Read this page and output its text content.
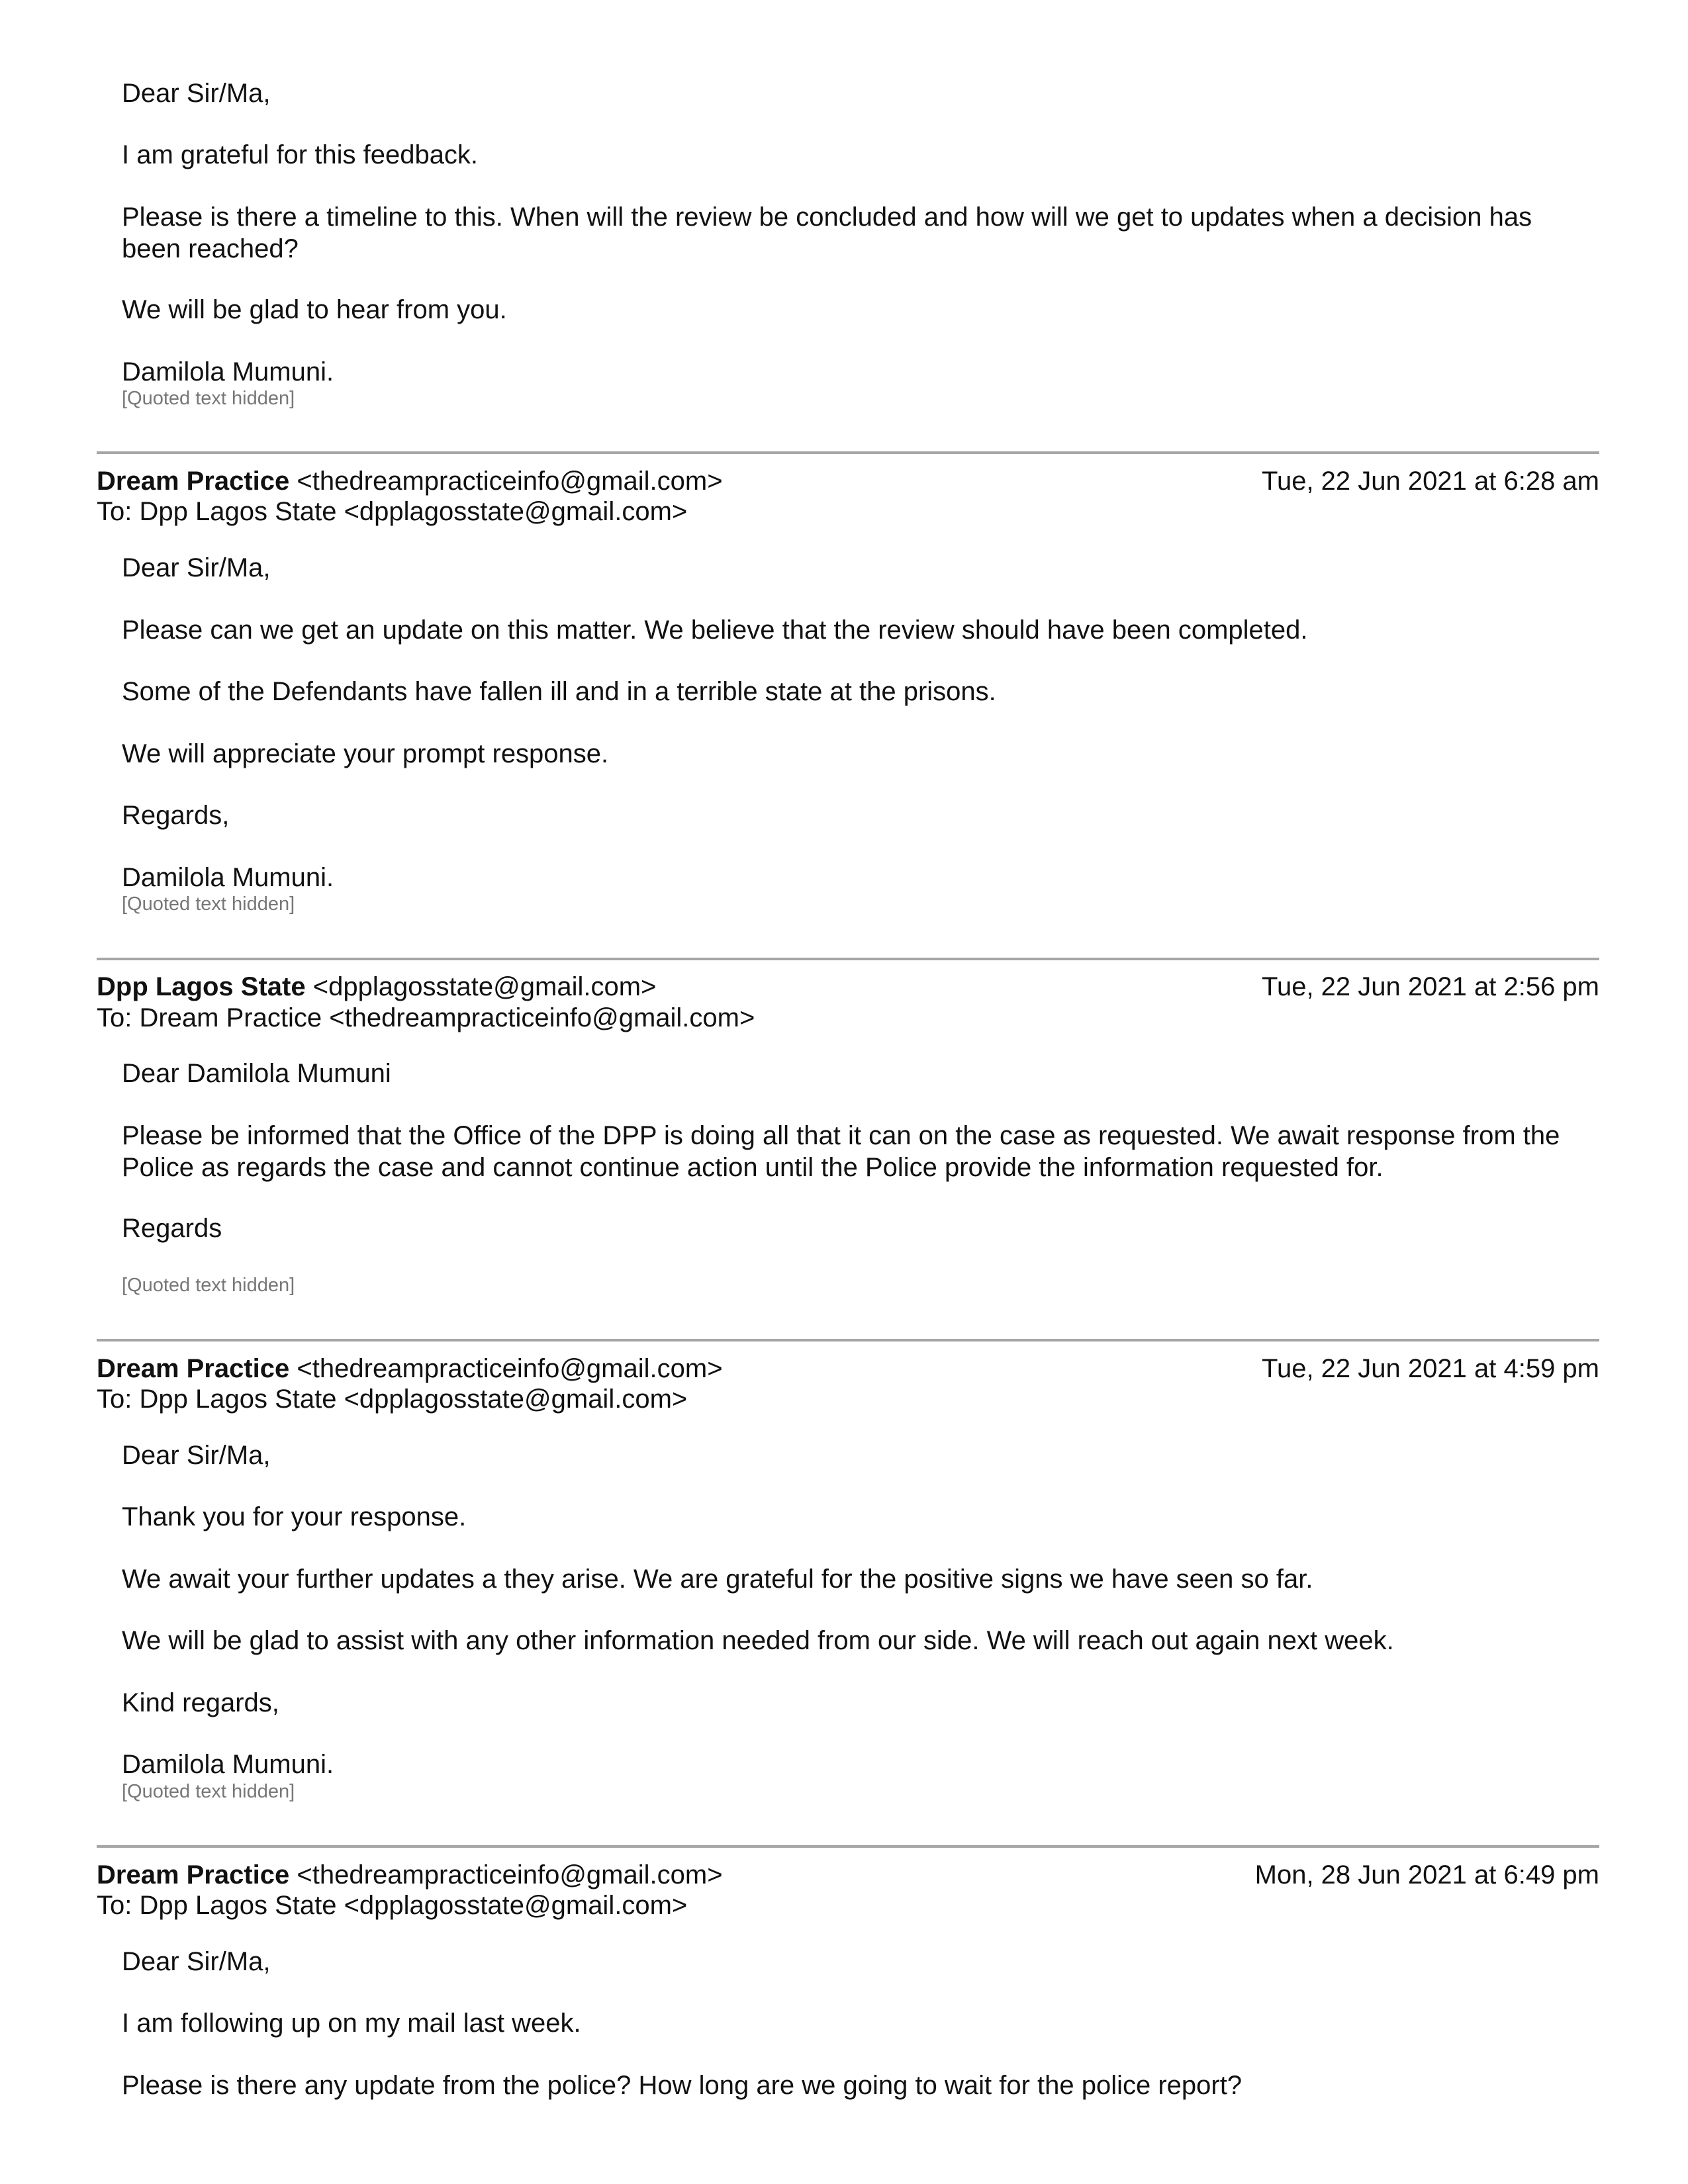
Dear Sir/Ma,

I am grateful for this feedback.

Please is there a timeline to this. When will the review be concluded and how will we get to updates when a decision has been reached?

We will be glad to hear from you.

Damilola Mumuni.

[Quoted text hidden]
Dream Practice <thedreampracticeinfo@gmail.com>	Tue, 22 Jun 2021 at 6:28 am
To: Dpp Lagos State <dpplagosstate@gmail.com>

Dear Sir/Ma,

Please can we get an update on this matter. We believe that the review should have been completed.

Some of the Defendants have fallen ill and in a terrible state at the prisons.

We will appreciate your prompt response.

Regards,

Damilola Mumuni.

[Quoted text hidden]
Dpp Lagos State <dpplagosstate@gmail.com>	Tue, 22 Jun 2021 at 2:56 pm
To: Dream Practice <thedreampracticeinfo@gmail.com>

Dear Damilola Mumuni

Please be informed that the Office of the DPP is doing all that it can on the case as requested. We await response from the Police as regards the case and cannot continue action until the Police provide the information requested for.

Regards

[Quoted text hidden]
Dream Practice <thedreampracticeinfo@gmail.com>	Tue, 22 Jun 2021 at 4:59 pm
To: Dpp Lagos State <dpplagosstate@gmail.com>

Dear Sir/Ma,

Thank you for your response.

We await your further updates a they arise. We are grateful for the positive signs we have seen so far.

We will be glad to assist with any other information needed from our side. We will reach out again next week.

Kind regards,

Damilola Mumuni.

[Quoted text hidden]
Dream Practice <thedreampracticeinfo@gmail.com>	Mon, 28 Jun 2021 at 6:49 pm
To: Dpp Lagos State <dpplagosstate@gmail.com>

Dear Sir/Ma,

I am following up on my mail last week.

Please is there any update from the police? How long are we going to wait for the police report?
